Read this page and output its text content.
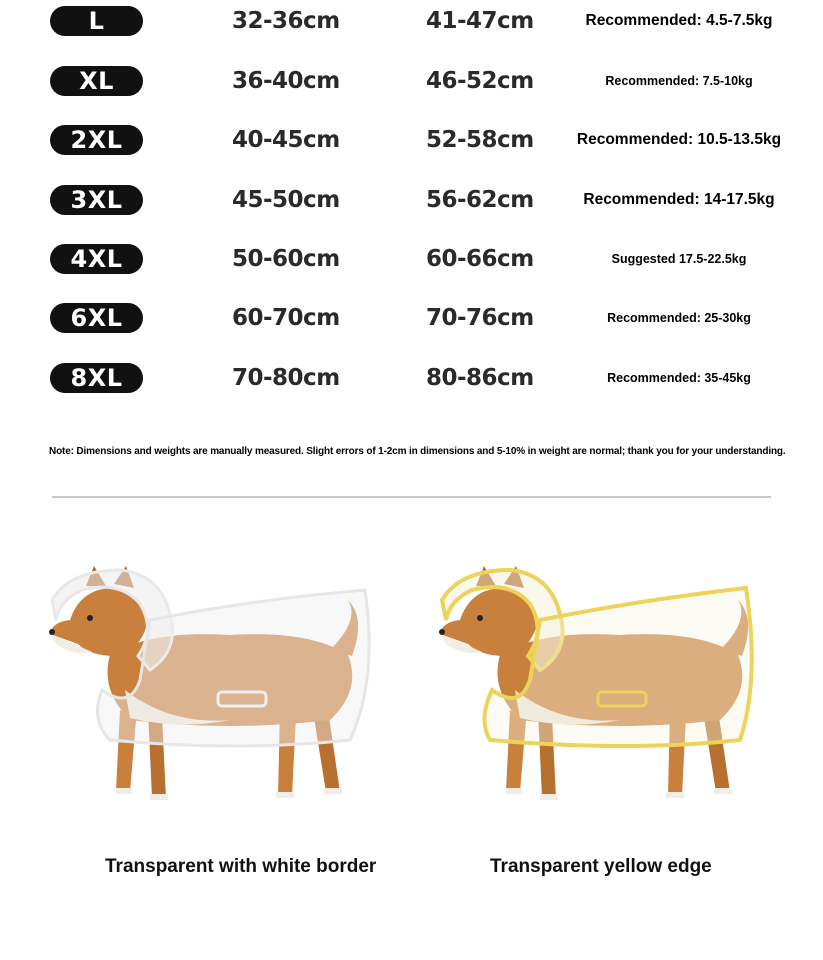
L	32-36cm	41-47cm	Recommended: 4.5-7.5kg
XL	36-40cm	46-52cm	Recommended: 7.5-10kg
2XL	40-45cm	52-58cm	Recommended: 10.5-13.5kg
3XL	45-50cm	56-62cm	Recommended: 14-17.5kg
4XL	50-60cm	60-66cm	Suggested 17.5-22.5kg
6XL	60-70cm	70-76cm	Recommended: 25-30kg
8XL	70-80cm	80-86cm	Recommended: 35-45kg
Note: Dimensions and weights are manually measured. Slight errors of 1-2cm in dimensions and 5-10% in weight are normal; thank you for your understanding.
Transparent with white border	Transparent yellow edge
